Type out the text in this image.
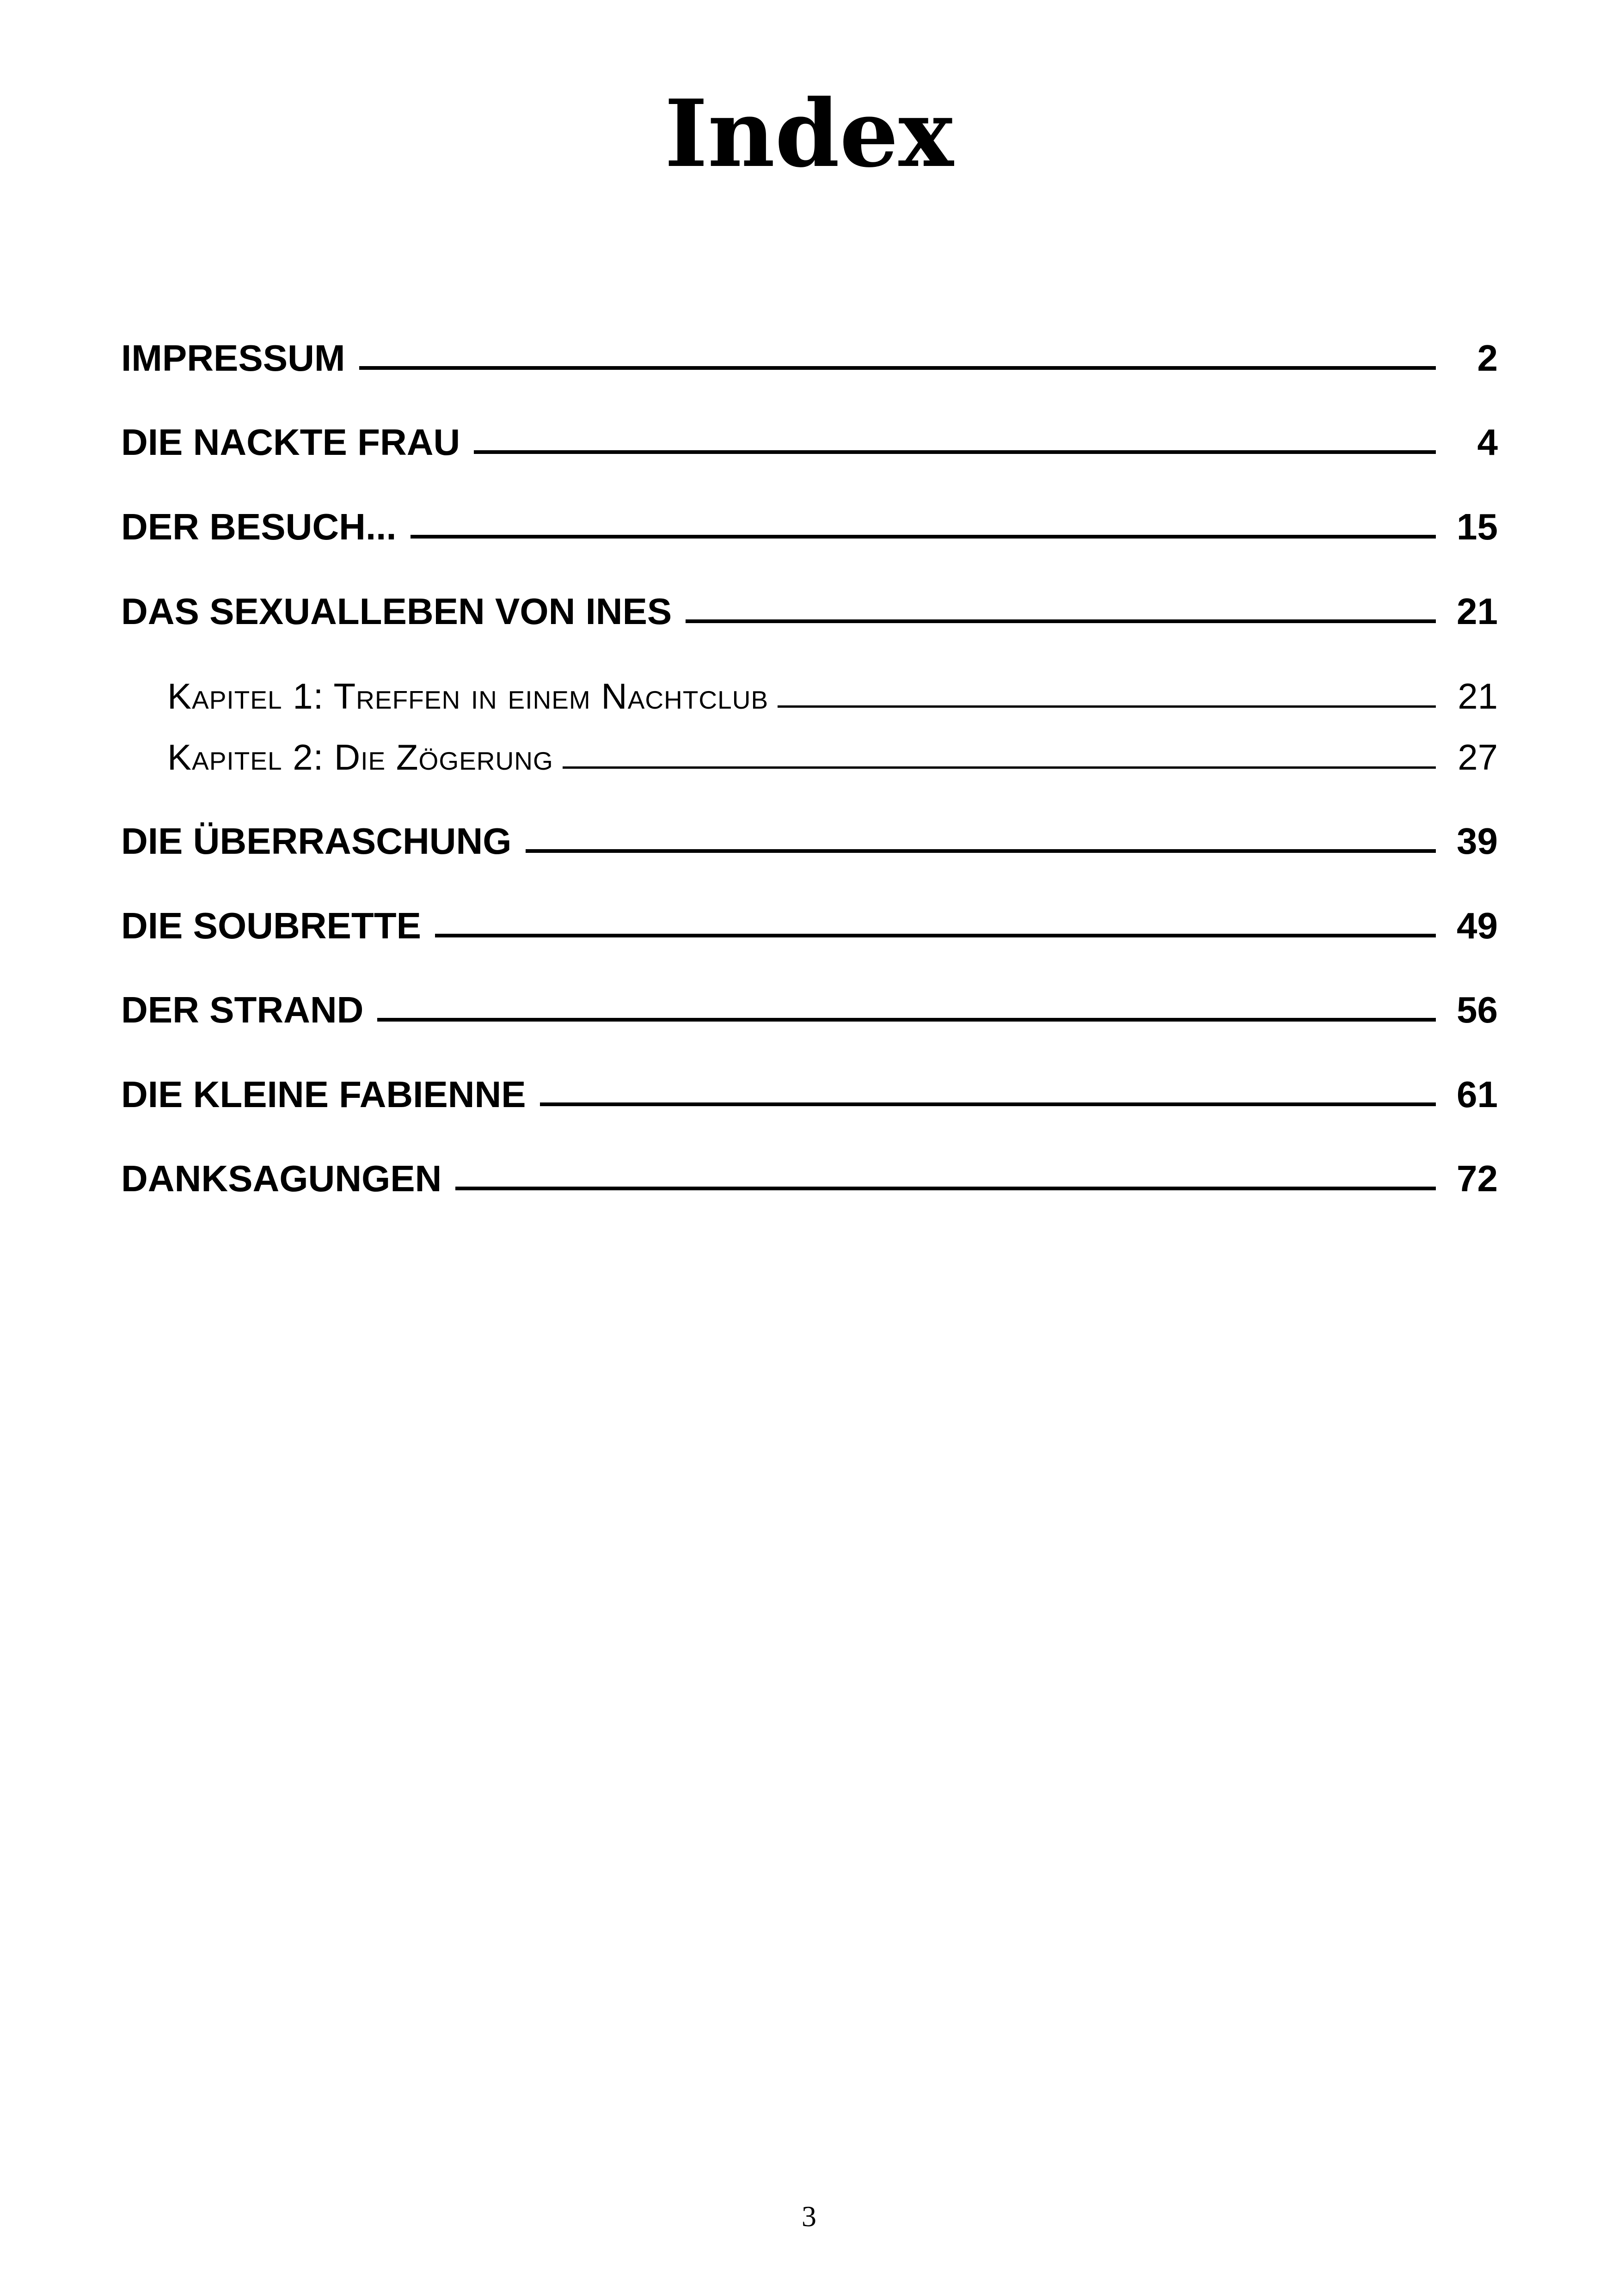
Index
IMPRESSUM	2
DIE NACKTE FRAU	4
DER BESUCH...	15
DAS SEXUALLEBEN VON INES	21
Kapitel 1: Treffen in einem Nachtclub	21
Kapitel 2: Die Zögerung	27
DIE ÜBERRASCHUNG	39
DIE SOUBRETTE	49
DER STRAND	56
DIE KLEINE FABIENNE	61
DANKSAGUNGEN	72
3
